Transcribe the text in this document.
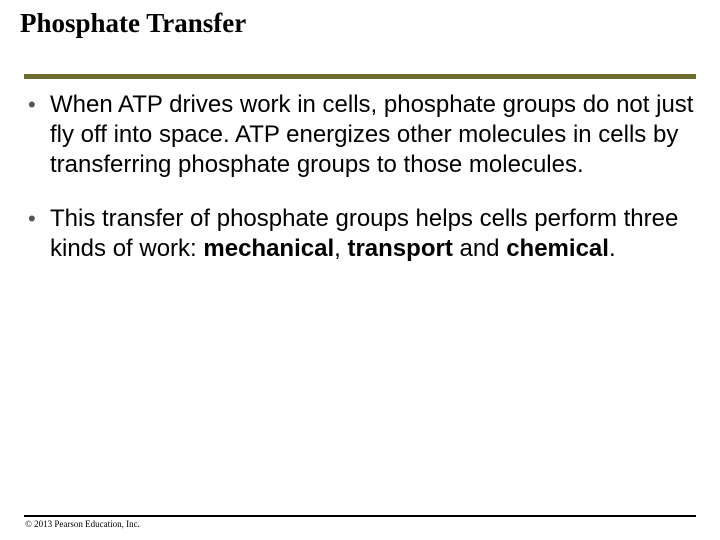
Phosphate Transfer
• When ATP drives work in cells, phosphate groups do not just fly off into space. ATP energizes other molecules in cells by transferring phosphate groups to those molecules.
• This transfer of phosphate groups helps cells perform three kinds of work: mechanical, transport and chemical.
© 2013 Pearson Education, Inc.
